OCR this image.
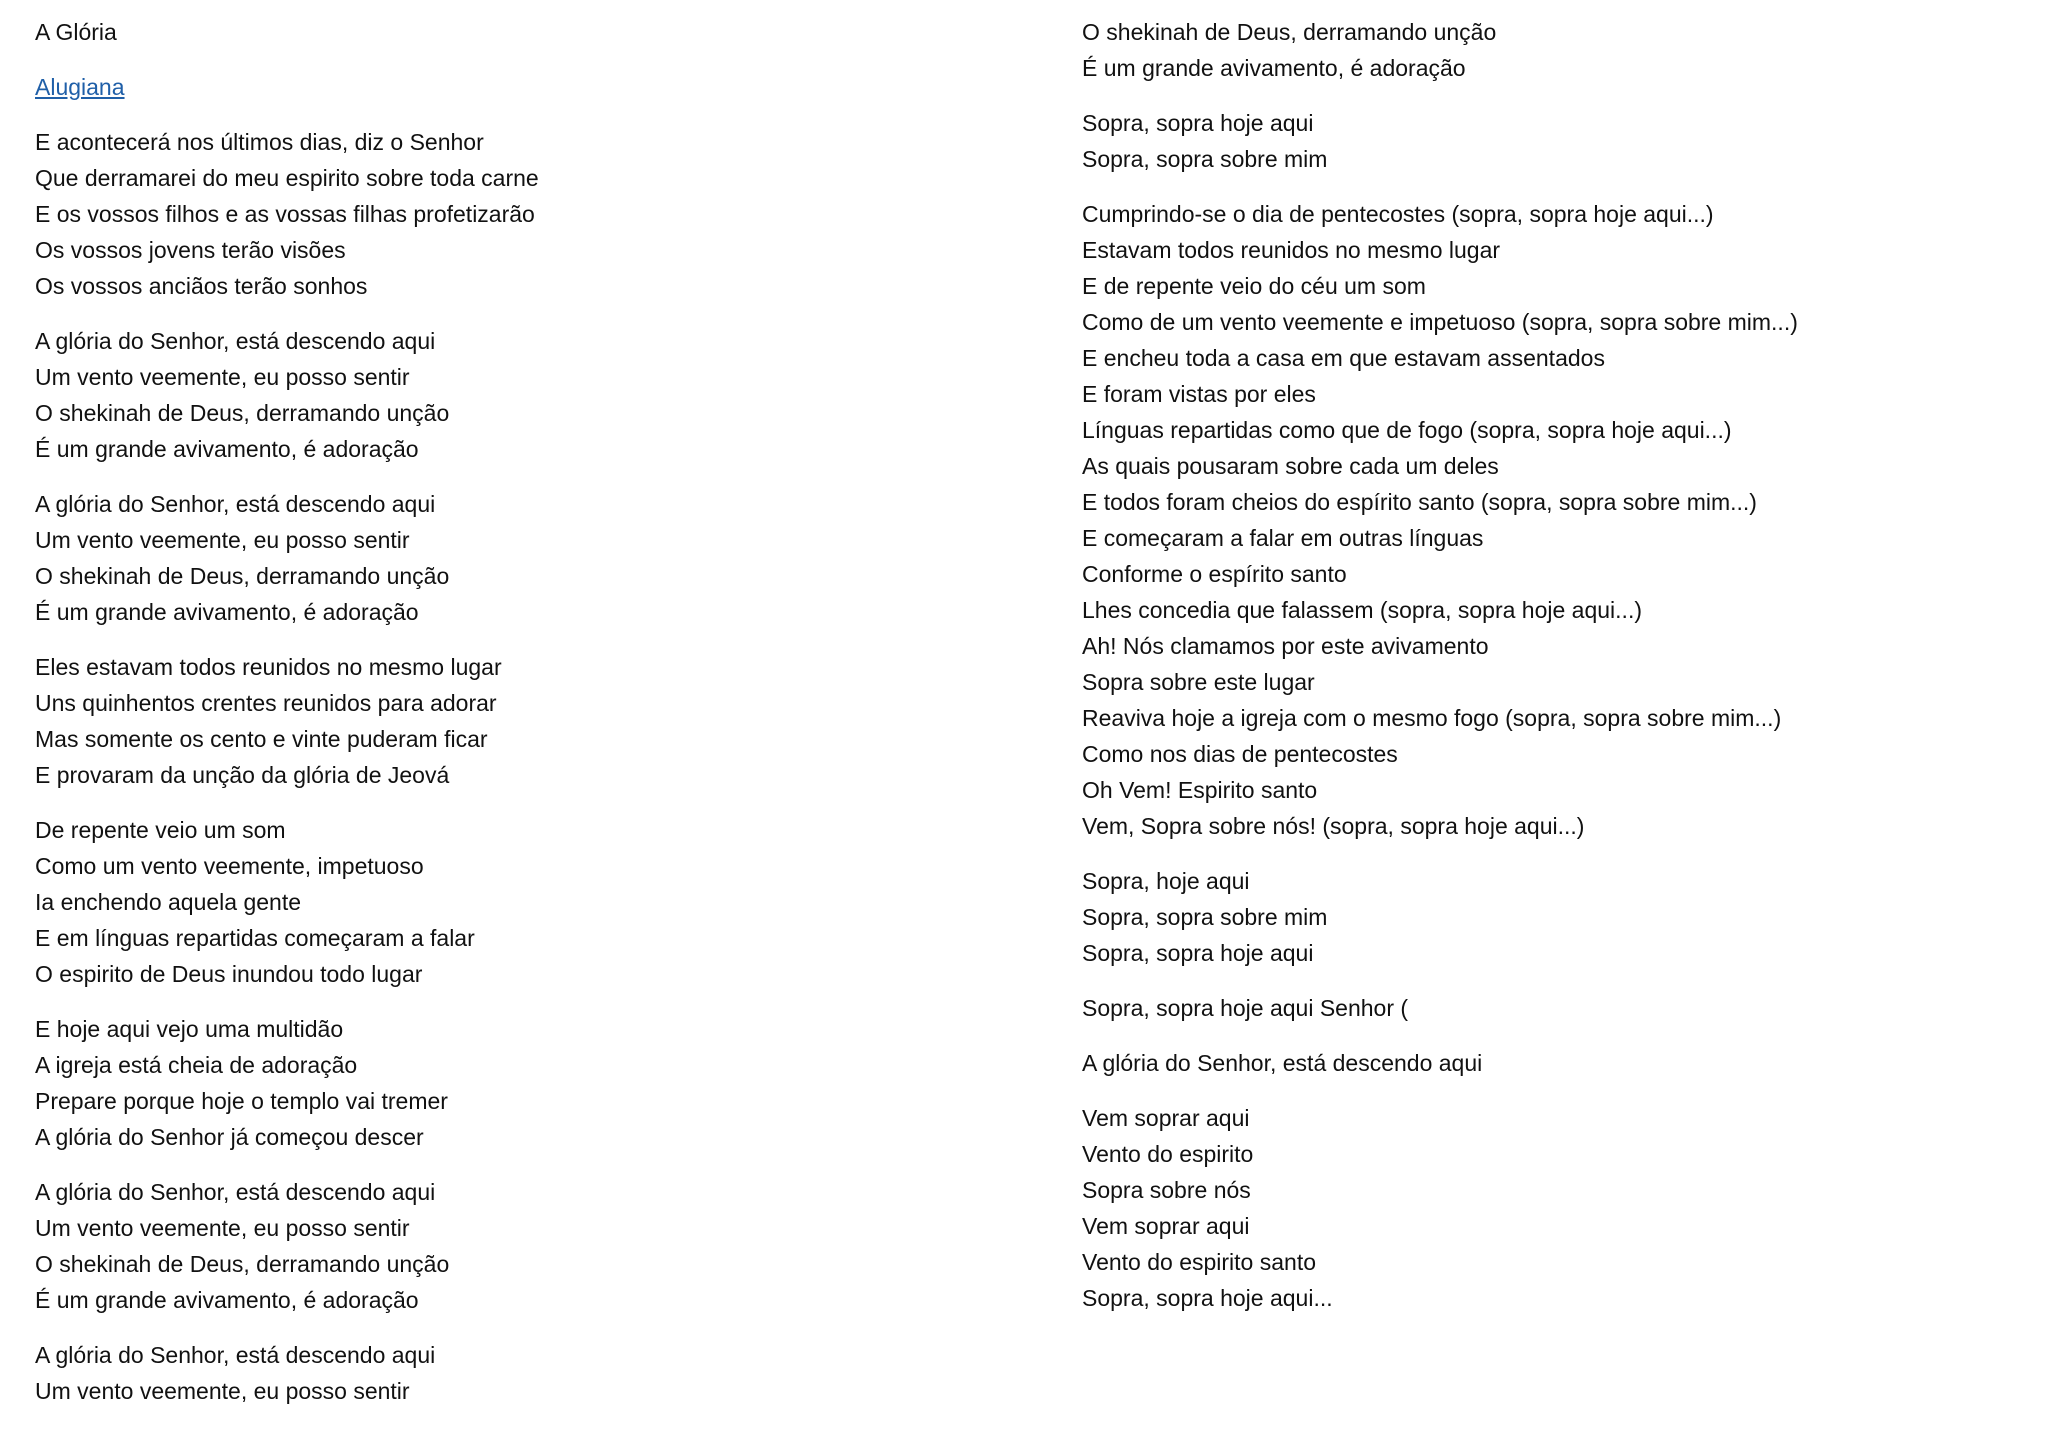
A Glória
Alugiana
E acontecerá nos últimos dias, diz o Senhor
Que derramarei do meu espirito sobre toda carne
E os vossos filhos e as vossas filhas profetizarão
Os vossos jovens terão visões
Os vossos anciãos terão sonhos
A glória do Senhor, está descendo aqui
Um vento veemente, eu posso sentir
O shekinah de Deus, derramando unção
É um grande avivamento, é adoração
A glória do Senhor, está descendo aqui
Um vento veemente, eu posso sentir
O shekinah de Deus, derramando unção
É um grande avivamento, é adoração
Eles estavam todos reunidos no mesmo lugar
Uns quinhentos crentes reunidos para adorar
Mas somente os cento e vinte puderam ficar
E provaram da unção da glória de Jeová
De repente veio um som
Como um vento veemente, impetuoso
Ia enchendo aquela gente
E em línguas repartidas começaram a falar
O espirito de Deus inundou todo lugar
E hoje aqui vejo uma multidão
A igreja está cheia de adoração
Prepare porque hoje o templo vai tremer
A glória do Senhor já começou descer
A glória do Senhor, está descendo aqui
Um vento veemente, eu posso sentir
O shekinah de Deus, derramando unção
É um grande avivamento, é adoração
A glória do Senhor, está descendo aqui
Um vento veemente, eu posso sentir
O shekinah de Deus, derramando unção
É um grande avivamento, é adoração
Sopra, sopra hoje aqui
Sopra, sopra sobre mim
Cumprindo-se o dia de pentecostes (sopra, sopra hoje aqui...)
Estavam todos reunidos no mesmo lugar
E de repente veio do céu um som
Como de um vento veemente e impetuoso (sopra, sopra sobre mim...)
E encheu toda a casa em que estavam assentados
E foram vistas por eles
Línguas repartidas como que de fogo (sopra, sopra hoje aqui...)
As quais pousaram sobre cada um deles
E todos foram cheios do espírito santo (sopra, sopra sobre mim...)
E começaram a falar em outras línguas
Conforme o espírito santo
Lhes concedia que falassem (sopra, sopra hoje aqui...)
Ah! Nós clamamos por este avivamento
Sopra sobre este lugar
Reaviva hoje a igreja com o mesmo fogo (sopra, sopra sobre mim...)
Como nos dias de pentecostes
Oh Vem! Espirito santo
Vem, Sopra sobre nós! (sopra, sopra hoje aqui...)
Sopra, hoje aqui
Sopra, sopra sobre mim
Sopra, sopra hoje aqui
Sopra, sopra hoje aqui Senhor (
A glória do Senhor, está descendo aqui
Vem soprar aqui
Vento do espirito
Sopra sobre nós
Vem soprar aqui
Vento do espirito santo
Sopra, sopra hoje aqui...
